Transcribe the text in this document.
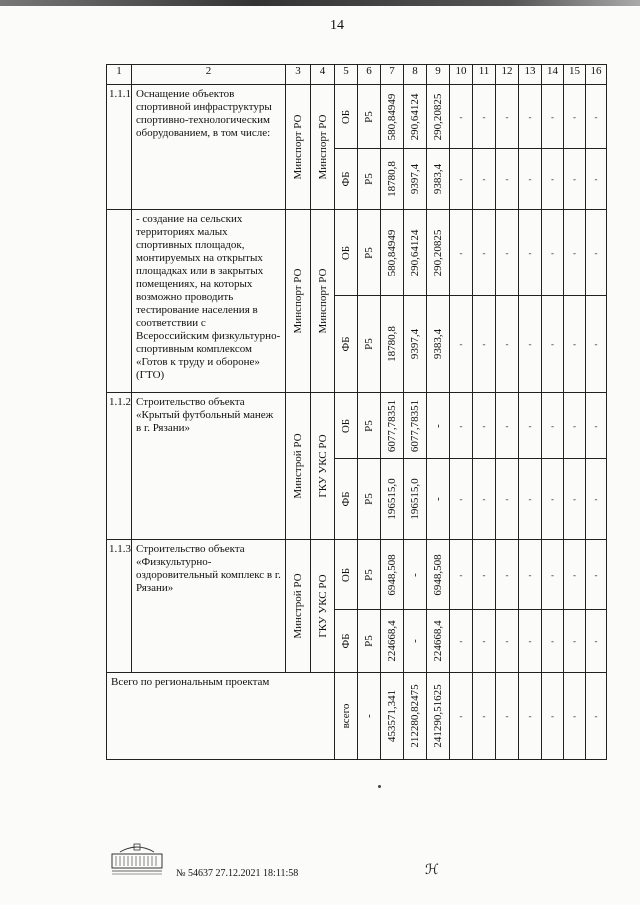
14
1	2	3	4	5	6	7	8	9	10	11	12	13	14	15	16
1.1.1	Оснащение объектов спортивной инфраструктуры спортивно-технологическим оборудованием, в том числе:	Минспорт РО	Минспорт РО	ОБ	Р5	580,84949	290,64124	290,20825	-	-	-	-	-	-	-

				ФБ	Р5	18780,8	9397,4	9383,4	-	-	-	-	-	-	-

	- создание на сельских территориях малых спортивных площадок, монтируемых на открытых площадках или в закрытых помещениях, на которых возможно проводить тестирование населения в соответствии с Всероссийским физкультурно-спортивным комплексом «Готов к труду и обороне» (ГТО)	Минспорт РО	Минспорт РО	ОБ	Р5	580,84949	290,64124	290,20825	-	-	-	-	-	-	-

				ФБ	Р5	18780,8	9397,4	9383,4	-	-	-	-	-	-	-

1.1.2	Строительство объекта «Крытый футбольный манеж в г. Рязани»	Минстрой РО	ГКУ УКС РО	ОБ	Р5	6077,78351	6077,78351	-	-	-	-	-	-	-	-

				ФБ	Р5	196515,0	196515,0	-	-	-	-	-	-	-	-

1.1.3	Строительство объекта «Физкультурно-оздоровительный комплекс в г. Рязани»	Минстрой РО	ГКУ УКС РО	ОБ	Р5	6948,508	-	6948,508	-	-	-	-	-	-	-

				ФБ	Р5	224668,4	-	224668,4	-	-	-	-	-	-	-

Всего по региональным проектам				всего	-	453571,341	212280,82475	241290,51625	-	-	-	-	-	-	-
№ 54637 27.12.2021 18:11:58	ℋ
